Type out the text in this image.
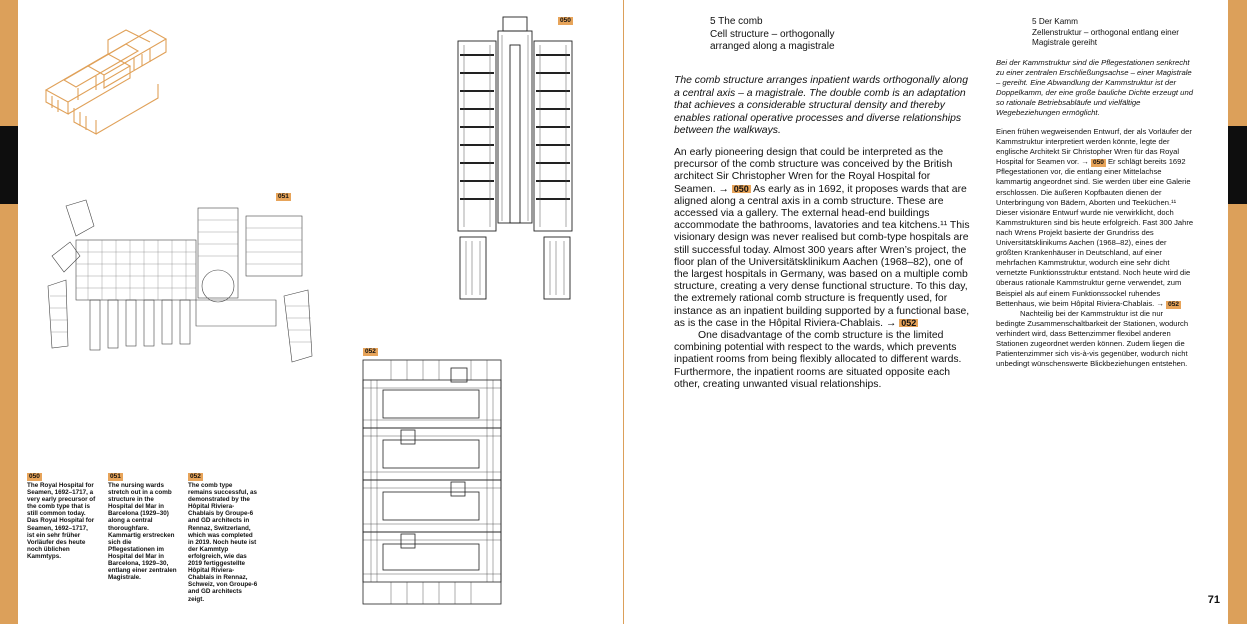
051
050
052
050
The Royal Hospital for Seamen, 1692–1717, a very early precursor of the comb type that is still common today. Das Royal Hospital for Seamen, 1692–1717, ist ein sehr früher Vorläufer des heute noch üblichen Kammtyps.
051
The nursing wards stretch out in a comb structure in the Hospital del Mar in Barcelona (1929–30) along a central thoroughfare. Kammartig erstrecken sich die Pflegestationen im Hospital del Mar in Barcelona, 1929–30, entlang einer zentralen Magistrale.
052
The comb type remains successful, as demonstrated by the Hôpital Riviera-Chablais by Groupe-6 and GD architects in Rennaz, Switzerland, which was completed in 2019. Noch heute ist der Kammtyp erfolgreich, wie das 2019 fertiggestellte Hôpital Riviera-Chablais in Rennaz, Schweiz, von Groupe-6 and GD architects zeigt.
5 The comb
Cell structure – orthogonally
arranged along a magistrale
The comb structure arranges inpatient wards orthogonally along a central axis – a magistrale. The double comb is an adaptation that achieves a considerable structural density and thereby enables rational operative processes and diverse relationships between the walkways.

An early pioneering design that could be interpreted as the precursor of the comb structure was conceived by the British architect Sir Christopher Wren for the Royal Hospital for Seamen. → 050 As early as in 1692, it proposes wards that are aligned along a central axis in a comb structure. These are accessed via a gallery. The external head-end buildings accommodate the bathrooms, lavatories and tea kitchens.¹¹ This visionary design was never realised but comb-type hospitals are still successful today. Almost 300 years after Wren’s project, the floor plan of the Universitätsklinikum Aachen (1968–82), one of the largest hospitals in Germany, was based on a multiple comb structure, creating a very dense functional structure. To this day, the extremely rational comb structure is frequently used, for instance as an inpatient building supported by a functional base, as is the case in the Hôpital Riviera-Chablais. → 052

One disadvantage of the comb structure is the limited combining potential with respect to the wards, which prevents inpatient rooms from being flexibly allocated to different wards. Furthermore, the inpatient rooms are situated opposite each other, creating unwanted visual relationships.

5 Der Kamm
Zellenstruktur – orthogonal entlang einer
Magistrale gereiht
Bei der Kammstruktur sind die Pflegestationen senkrecht zu einer zentralen Erschließungsachse – einer Magistrale – gereiht. Eine Abwandlung der Kammstruktur ist der Doppelkamm, der eine große bauliche Dichte erzeugt und so rationale Betriebsabläufe und vielfältige Wegebeziehungen ermöglicht.

Einen frühen wegweisenden Entwurf, der als Vorläufer der Kammstruktur interpretiert werden könnte, legte der englische Architekt Sir Christopher Wren für das Royal Hospital for Seamen vor. → 050 Er schlägt bereits 1692 Pflegestationen vor, die entlang einer Mittelachse kammartig angeordnet sind. Sie werden über eine Galerie erschlossen. Die äußeren Kopfbauten dienen der Unterbringung von Bädern, Aborten und Teeküchen.¹¹ Dieser visionäre Entwurf wurde nie verwirklicht, doch Kammstrukturen sind bis heute erfolgreich. Fast 300 Jahre nach Wrens Projekt basierte der Grundriss des Universitätsklinikums Aachen (1968–82), eines der größten Krankenhäuser in Deutschland, auf einer mehrfachen Kammstruktur, wodurch eine sehr dicht vernetzte Funktionsstruktur entstand. Noch heute wird die überaus rationale Kammstruktur gerne verwendet, zum Beispiel als auf einem Funktionssockel ruhendes Bettenhaus, wie beim Hôpital Riviera-Chablais. → 052

Nachteilig bei der Kammstruktur ist die nur bedingte Zusammenschaltbarkeit der Stationen, wodurch verhindert wird, dass Bettenzimmer flexibel anderen Stationen zugeordnet werden können. Zudem liegen die Patientenzimmer sich vis-à-vis gegenüber, wodurch nicht unbedingt wünschenswerte Blickbeziehungen entstehen.

71
